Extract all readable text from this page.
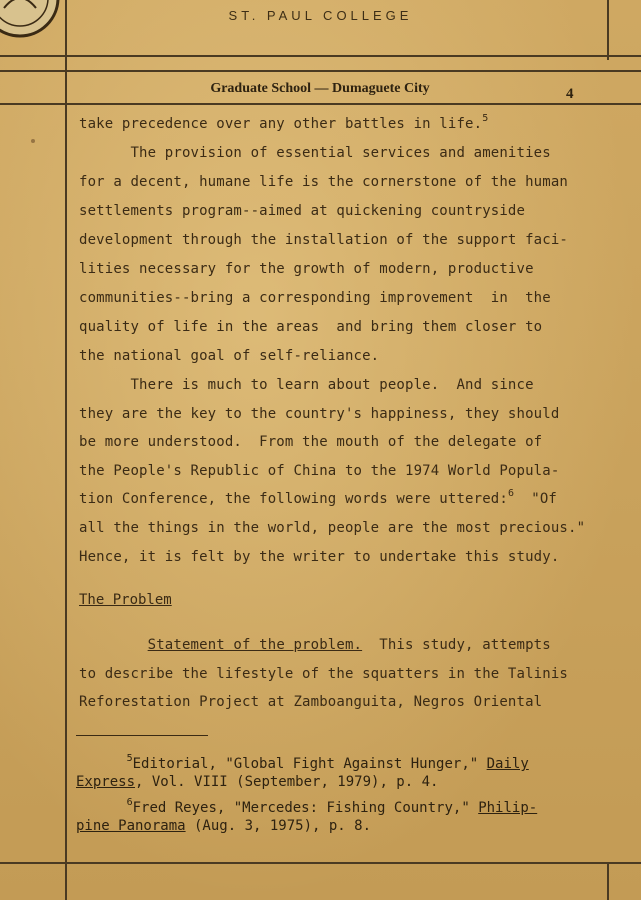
ST. PAUL COLLEGE
Graduate School — Dumaguete City	4
take precedence over any other battles in life.$^5$
The provision of essential services and amenities
for a decent, humane life is the cornerstone of the human
settlements program--aimed at quickening countryside
development through the installation of the support faci-
lities necessary for the growth of modern, productive
communities--bring a corresponding improvement  in  the
quality of life in the areas  and bring them closer to
the national goal of self-reliance.
There is much to learn about people.  And since
they are the key to the country's happiness, they should
be more understood.  From the mouth of the delegate of
the People's Republic of China to the 1974 World Popula-
tion Conference, the following words were uttered:$^6$  "Of
all the things in the world, people are the most precious."
Hence, it is felt by the writer to undertake this study.
The Problem
Statement of the problem.  This study, attempts
to describe the lifestyle of the squatters in the Talinis
Reforestation Project at Zamboanguita, Negros Oriental
$^5$Editorial, "Global Fight Against Hunger," Daily
Express, Vol. VIII (September, 1979), p. 4.
$^6$Fred Reyes, "Mercedes: Fishing Country," Philip-
pine Panorama (Aug. 3, 1975), p. 8.
